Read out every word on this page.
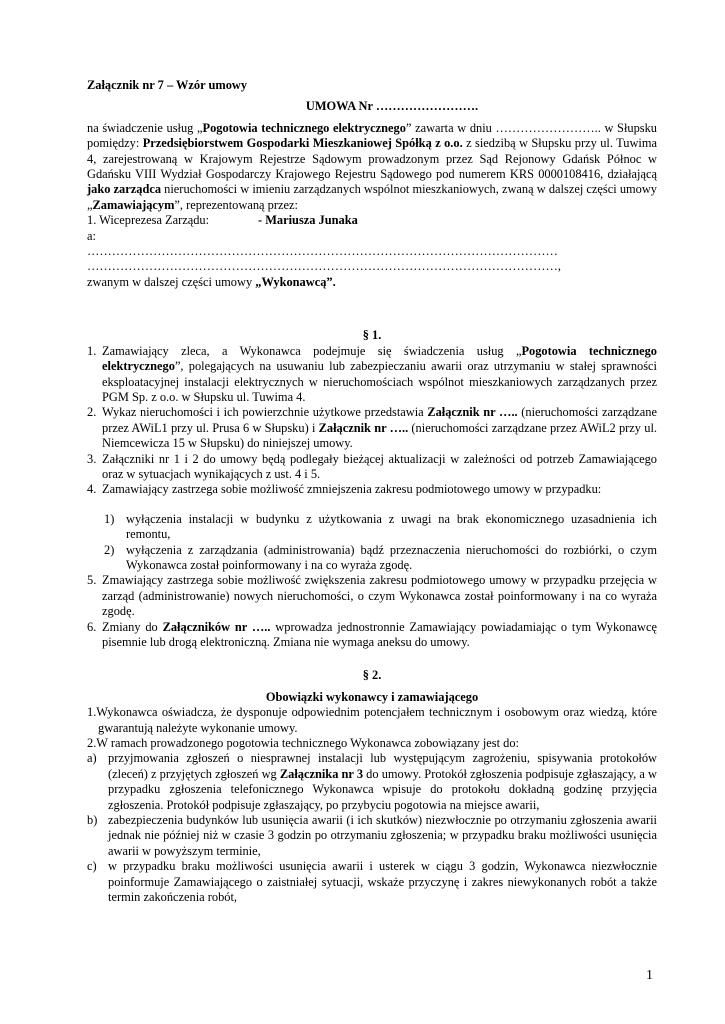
Załącznik nr 7 – Wzór umowy

UMOWA Nr …………………….

na świadczenie usług „Pogotowia technicznego elektrycznego” zawarta w dniu …………………….. w Słupsku pomiędzy: Przedsiębiorstwem Gospodarki Mieszkaniowej Spółką z o.o. z siedzibą w Słupsku przy ul. Tuwima 4, zarejestrowaną w Krajowym Rejestrze Sądowym prowadzonym przez Sąd Rejonowy Gdańsk Północ w Gdańsku VIII Wydział Gospodarczy Krajowego Rejestru Sądowego pod numerem KRS 0000108416, działającą jako zarządca nieruchomości w imieniu zarządzanych wspólnot mieszkaniowych, zwaną w dalszej części umowy „Zamawiającym”, reprezentowaną przez:

1. Wiceprezesa Zarządu:	- Mariusza Junaka

a:

……………………………………………………………………………………………………

……………………………………………………………………………………………………,

zwanym w dalszej części umowy „Wykonawcą”.

§ 1.

1. Zamawiający zleca, a Wykonawca podejmuje się świadczenia usług „Pogotowia technicznego elektrycznego”, polegających na usuwaniu lub zabezpieczaniu awarii oraz utrzymaniu w stałej sprawności eksploatacyjnej instalacji elektrycznych w nieruchomościach wspólnot mieszkaniowych zarządzanych przez PGM Sp. z o.o. w Słupsku ul. Tuwima 4.
2. Wykaz nieruchomości i ich powierzchnie użytkowe przedstawia Załącznik nr ….. (nieruchomości zarządzane przez AWiL1 przy ul. Prusa 6 w Słupsku) i Załącznik nr ….. (nieruchomości zarządzane przez AWiL2 przy ul. Niemcewicza 15 w Słupsku) do niniejszej umowy.
3. Załączniki nr 1 i 2 do umowy będą podlegały bieżącej aktualizacji w zależności od potrzeb Zamawiającego oraz w sytuacjach wynikających z ust. 4 i 5.
4. Zamawiający zastrzega sobie możliwość zmniejszenia zakresu podmiotowego umowy w przypadku:
1) wyłączenia instalacji w budynku z użytkowania z uwagi na brak ekonomicznego uzasadnienia ich remontu,
2) wyłączenia z zarządzania (administrowania) bądź przeznaczenia nieruchomości do rozbiórki, o czym Wykonawca został poinformowany i na co wyraża zgodę.
5. Zmawiający zastrzega sobie możliwość zwiększenia zakresu podmiotowego umowy w przypadku przejęcia w zarząd (administrowanie) nowych nieruchomości, o czym Wykonawca został poinformowany i na co wyraża zgodę.
6. Zmiany do Załączników nr ….. wprowadza jednostronnie Zamawiający powiadamiając o tym Wykonawcę pisemnie lub drogą elektroniczną. Zmiana nie wymaga aneksu do umowy.

§ 2.

Obowiązki wykonawcy i zamawiającego

1.Wykonawca oświadcza, że dysponuje odpowiednim potencjałem technicznym i osobowym oraz wiedzą, które gwarantują należyte wykonanie umowy.

2.W ramach prowadzonego pogotowia technicznego Wykonawca zobowiązany jest do:

a) przyjmowania zgłoszeń o niesprawnej instalacji lub występującym zagrożeniu, spisywania protokołów (zleceń) z przyjętych zgłoszeń wg Załącznika nr 3 do umowy. Protokół zgłoszenia podpisuje zgłaszający, a w przypadku zgłoszenia telefonicznego Wykonawca wpisuje do protokołu dokładną godzinę przyjęcia zgłoszenia. Protokół podpisuje zgłaszający, po przybyciu pogotowia na miejsce awarii,
b) zabezpieczenia budynków lub usunięcia awarii (i ich skutków) niezwłocznie po otrzymaniu zgłoszenia awarii jednak nie później niż w czasie 3 godzin po otrzymaniu zgłoszenia; w przypadku braku możliwości usunięcia awarii w powyższym terminie,
c) w przypadku braku możliwości usunięcia awarii i usterek w ciągu 3 godzin, Wykonawca niezwłocznie poinformuje Zamawiającego o zaistniałej sytuacji, wskaże przyczynę i zakres niewykonanych robót a także termin zakończenia robót,
1
